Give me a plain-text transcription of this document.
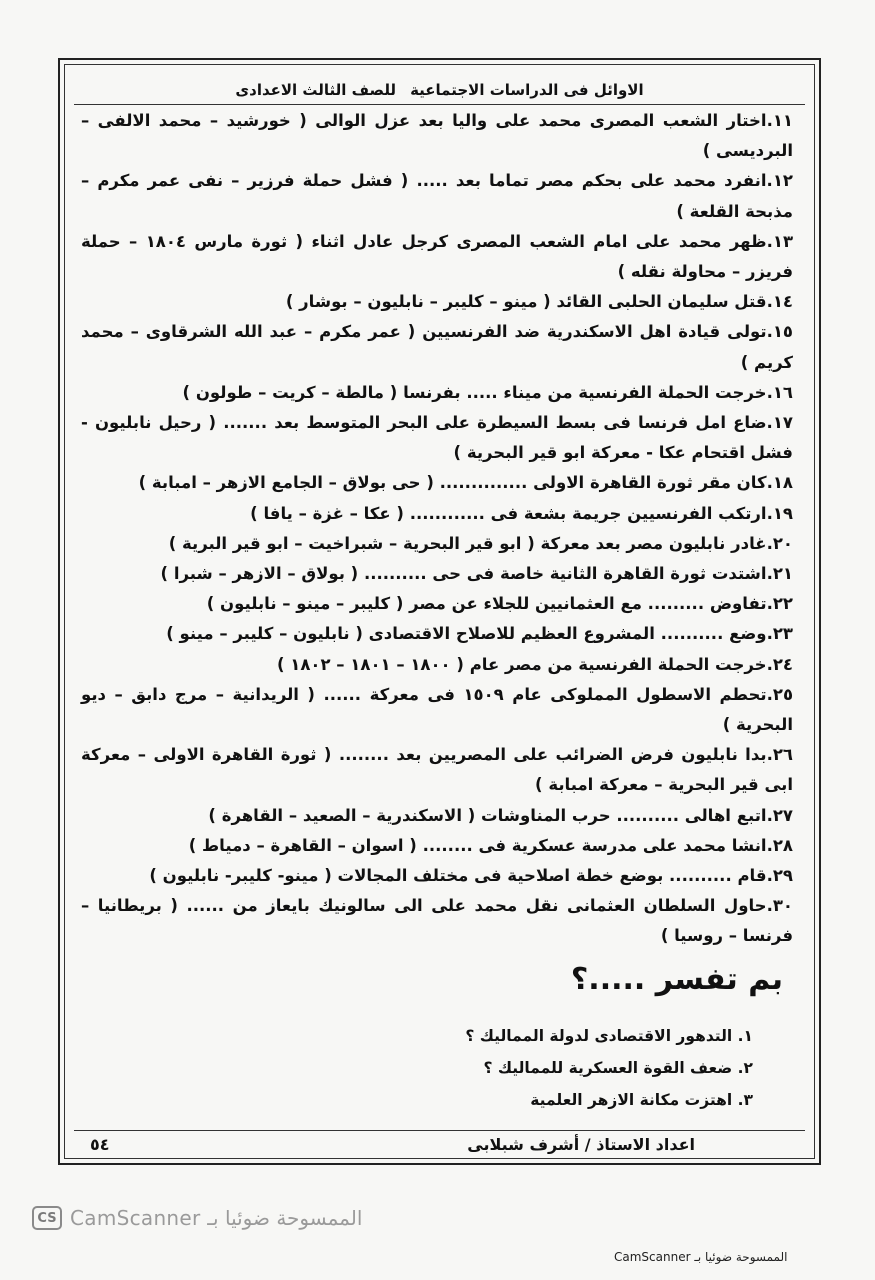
الاوائل فى الدراسات الاجتماعيةللصف الثالث الاعدادى

١١.اختار الشعب المصرى محمد على واليا بعد عزل الوالى ( خورشيد – محمد الالفى – البرديسى )

١٢.انفرد محمد على بحكم مصر تماما بعد ..... ( فشل حملة فرزير – نفى عمر مكرم – مذبحة القلعة )

١٣.ظهر محمد على امام الشعب المصرى كرجل عادل اثناء ( ثورة مارس ١٨٠٤ – حملة فريزر – محاولة نقله )

١٤.قتل سليمان الحلبى القائد ( مينو – كليبر – نابليون – بوشار )

١٥.تولى قيادة اهل الاسكندرية ضد الفرنسيين ( عمر مكرم – عبد الله الشرقاوى – محمد كريم )

١٦.خرجت الحملة الفرنسية من ميناء ..... بفرنسا ( مالطة – كريت – طولون )

١٧.ضاع امل فرنسا فى بسط السيطرة على البحر المتوسط بعد ....... ( رحيل نابليون - فشل اقتحام عكا - معركة ابو قير البحرية )

١٨.كان مقر ثورة القاهرة الاولى .............. ( حى بولاق – الجامع الازهر – امبابة )

١٩.ارتكب الفرنسيين جريمة بشعة فى ............ ( عكا – غزة – يافا )

٢٠.غادر نابليون مصر بعد معركة ( ابو قير البحرية – شبراخيت – ابو قير البرية )

٢١.اشتدت ثورة القاهرة الثانية خاصة فى حى .......... ( بولاق – الازهر – شبرا )

٢٢.تفاوض ......... مع العثمانيين للجلاء عن مصر ( كليبر – مينو – نابليون )

٢٣.وضع .......... المشروع العظيم للاصلاح الاقتصادى ( نابليون – كليبر – مينو )

٢٤.خرجت الحملة الفرنسية من مصر عام ( ١٨٠٠ – ١٨٠١ – ١٨٠٢ )

٢٥.تحطم الاسطول المملوكى عام ١٥٠٩ فى معركة ...... ( الريدانية – مرج دابق – ديو البحرية )

٢٦.بدا نابليون فرض الضرائب على المصريين بعد ........ ( ثورة القاهرة الاولى – معركة ابى قير البحرية – معركة امبابة )

٢٧.اتبع اهالى .......... حرب المناوشات ( الاسكندرية – الصعيد – القاهرة )

٢٨.انشا محمد على مدرسة عسكرية فى ........ ( اسوان – القاهرة – دمياط )

٢٩.قام .......... بوضع خطة اصلاحية فى مختلف المجالات ( مينو- كليبر- نابليون )

٣٠.حاول السلطان العثمانى نقل محمد على الى سالونيك بايعاز من ...... ( بريطانيا – فرنسا – روسيا )

بم تفسر .....؟

١. التدهور الاقتصادى لدولة المماليك ؟

٢. ضعف القوة العسكرية للمماليك ؟

٣. اهتزت مكانة الازهر العلمية

اعداد الاستاذ / أشرف شبلابى
٥٤
CS CamScanner الممسوحة ضوئيا بـ
الممسوحة ضوئيا بـ CamScanner
